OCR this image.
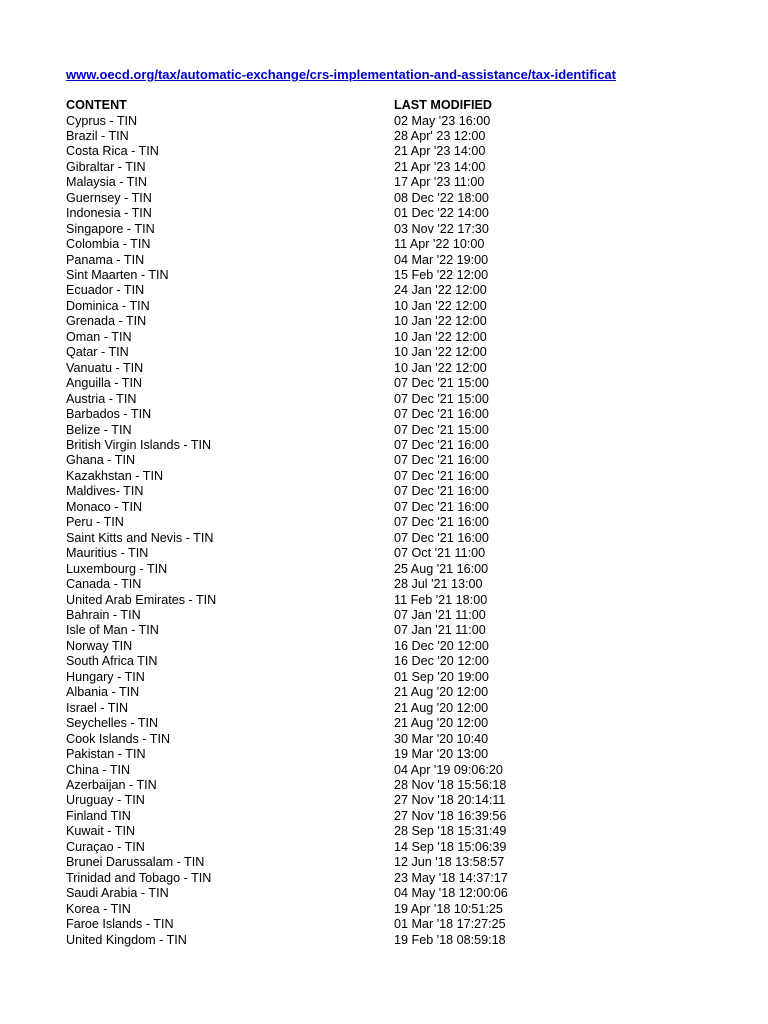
www.oecd.org/tax/automatic-exchange/crs-implementation-and-assistance/tax-identificat
CONTENT	LAST MODIFIED
Cyprus - TIN	02 May '23 16:00
Brazil - TIN	28 Apr' 23 12:00
Costa Rica - TIN	21 Apr '23 14:00
Gibraltar - TIN	21 Apr '23 14:00
Malaysia - TIN	17 Apr '23 11:00
Guernsey - TIN	08 Dec '22 18:00
Indonesia - TIN	01 Dec '22 14:00
Singapore - TIN	03 Nov '22 17:30
Colombia - TIN	11 Apr '22 10:00
Panama - TIN	04 Mar '22 19:00
Sint Maarten - TIN	15 Feb '22 12:00
Ecuador - TIN	24 Jan '22 12:00
Dominica - TIN	10 Jan '22 12:00
Grenada - TIN	10 Jan '22 12:00
Oman - TIN	10 Jan '22 12:00
Qatar - TIN	10 Jan '22 12:00
Vanuatu - TIN	10 Jan '22 12:00
Anguilla - TIN	07 Dec '21 15:00
Austria - TIN	07 Dec '21 15:00
Barbados - TIN	07 Dec '21 16:00
Belize - TIN	07 Dec '21 15:00
British Virgin Islands - TIN	07 Dec '21 16:00
Ghana - TIN	07 Dec '21 16:00
Kazakhstan - TIN	07 Dec '21 16:00
Maldives- TIN	07 Dec '21 16:00
Monaco - TIN	07 Dec '21 16:00
Peru - TIN	07 Dec '21 16:00
Saint Kitts and Nevis - TIN	07 Dec '21 16:00
Mauritius - TIN	07 Oct '21 11:00
Luxembourg - TIN	25 Aug '21 16:00
Canada - TIN	28 Jul '21 13:00
United Arab Emirates - TIN	11 Feb '21 18:00
Bahrain - TIN	07 Jan '21 11:00
Isle of Man - TIN	07 Jan '21 11:00
Norway TIN	16 Dec '20 12:00
South Africa TIN	16 Dec '20 12:00
Hungary - TIN	01 Sep '20 19:00
Albania - TIN	21 Aug '20 12:00
Israel - TIN	21 Aug '20 12:00
Seychelles - TIN	21 Aug '20 12:00
Cook Islands - TIN	30 Mar '20 10:40
Pakistan - TIN	19 Mar '20 13:00
China - TIN	04 Apr '19 09:06:20
Azerbaijan - TIN	28 Nov '18 15:56:18
Uruguay - TIN	27 Nov '18 20:14:11
Finland TIN	27 Nov '18 16:39:56
Kuwait - TIN	28 Sep '18 15:31:49
Curaçao - TIN	14 Sep '18 15:06:39
Brunei Darussalam - TIN	12 Jun '18 13:58:57
Trinidad and Tobago - TIN	23 May '18 14:37:17
Saudi Arabia - TIN	04 May '18 12:00:06
Korea - TIN	19 Apr '18 10:51:25
Faroe Islands - TIN	01 Mar '18 17:27:25
United Kingdom - TIN	19 Feb '18 08:59:18
